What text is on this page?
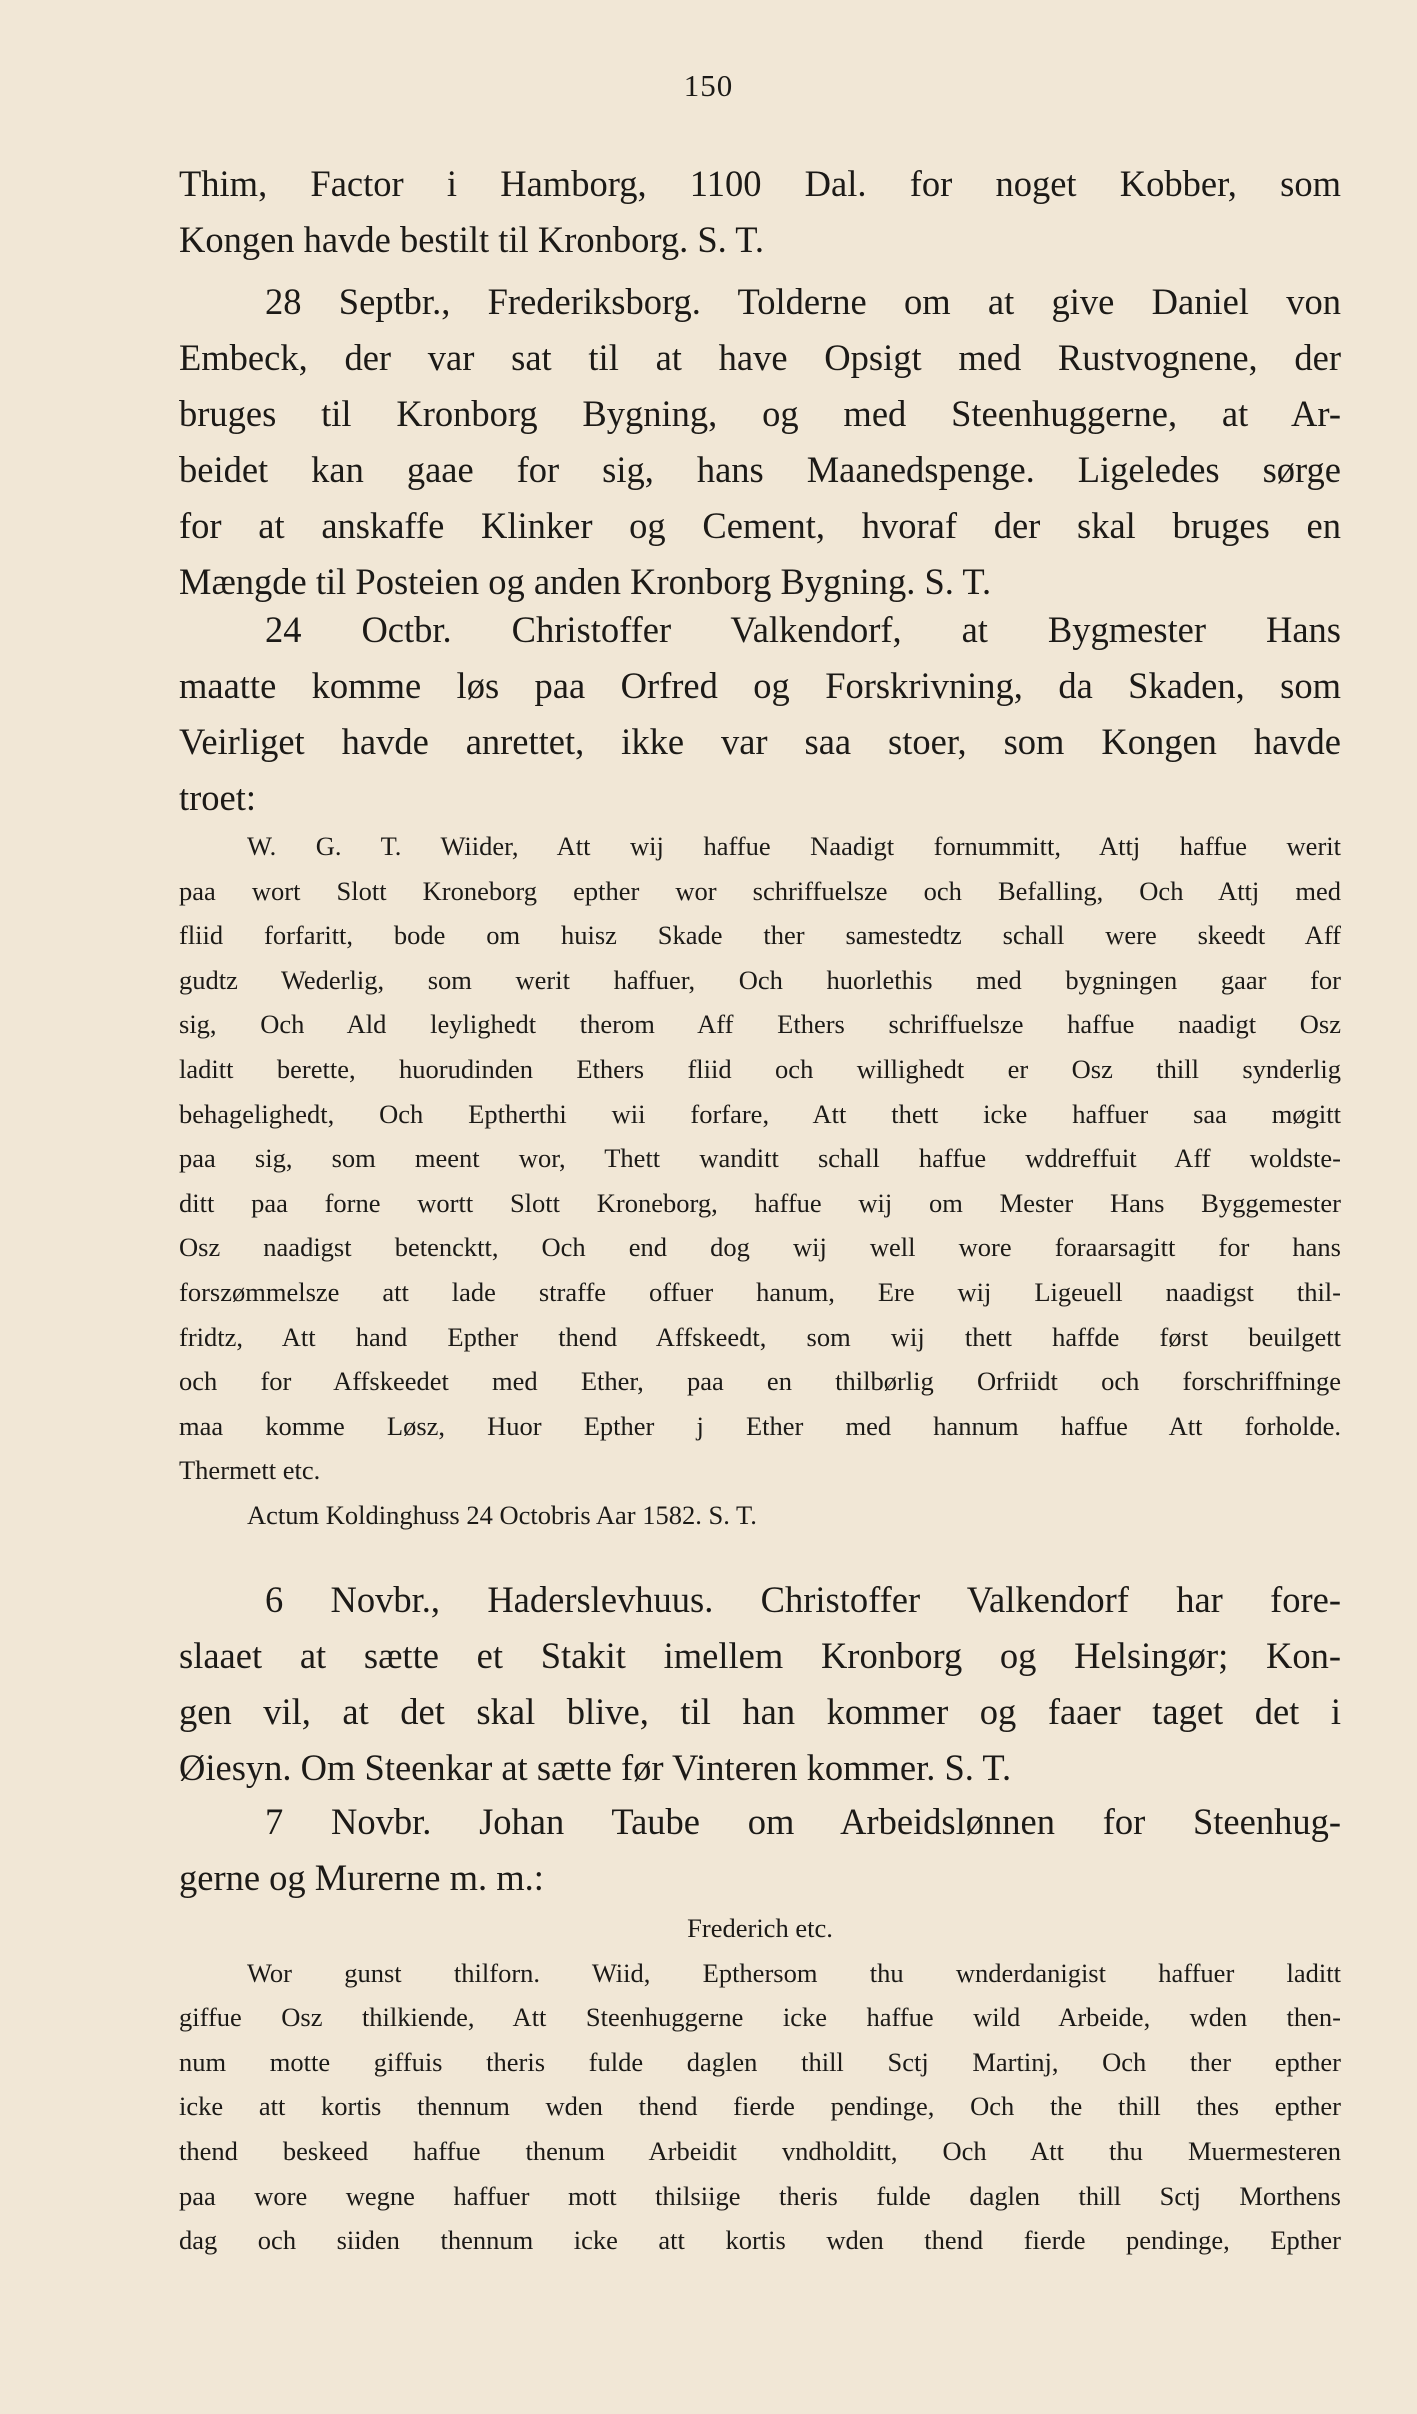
150
Thim, Factor i Hamborg, 1100 Dal. for noget Kobber, som
Kongen havde bestilt til Kronborg. S. T.
28 Septbr., Frederiksborg. Tolderne om at give Daniel von
Embeck, der var sat til at have Opsigt med Rustvognene, der
bruges til Kronborg Bygning, og med Steenhuggerne, at Ar-
beidet kan gaae for sig, hans Maanedspenge. Ligeledes sørge
for at anskaffe Klinker og Cement, hvoraf der skal bruges en
Mængde til Posteien og anden Kronborg Bygning. S. T.
24 Octbr. Christoffer Valkendorf, at Bygmester Hans
maatte komme løs paa Orfred og Forskrivning, da Skaden, som
Veirliget havde anrettet, ikke var saa stoer, som Kongen havde
troet:
W. G. T. Wiider, Att wij haffue Naadigt fornummitt, Attj haffue werit
paa wort Slott Kroneborg epther wor schriffuelsze och Befalling, Och Attj med
fliid forfaritt, bode om huisz Skade ther samestedtz schall were skeedt Aff
gudtz Wederlig, som werit haffuer, Och huorlethis med bygningen gaar for
sig, Och Ald leylighedt therom Aff Ethers schriffuelsze haffue naadigt Osz
laditt berette, huorudinden Ethers fliid och willighedt er Osz thill synderlig
behagelighedt, Och Eptherthi wii forfare, Att thett icke haffuer saa møgitt
paa sig, som meent wor, Thett wanditt schall haffue wddreffuit Aff woldste-
ditt paa forne wortt Slott Kroneborg, haffue wij om Mester Hans Byggemester
Osz naadigst betencktt, Och end dog wij well wore foraarsagitt for hans
forszømmelsze att lade straffe offuer hanum, Ere wij Ligeuell naadigst thil-
fridtz, Att hand Epther thend Affskeedt, som wij thett haffde først beuilgett
och for Affskeedet med Ether, paa en thilbørlig Orfriidt och forschriffninge
maa komme Løsz, Huor Epther j Ether med hannum haffue Att forholde.
Thermett etc.
Actum Koldinghuss 24 Octobris Aar 1582. S. T.
6 Novbr., Haderslevhuus. Christoffer Valkendorf har fore-
slaaet at sætte et Stakit imellem Kronborg og Helsingør; Kon-
gen vil, at det skal blive, til han kommer og faaer taget det i
Øiesyn. Om Steenkar at sætte før Vinteren kommer. S. T.
7 Novbr. Johan Taube om Arbeidslønnen for Steenhug-
gerne og Murerne m. m.:
Frederich etc.
Wor gunst thilforn. Wiid, Epthersom thu wnderdanigist haffuer laditt
giffue Osz thilkiende, Att Steenhuggerne icke haffue wild Arbeide, wden then-
num motte giffuis theris fulde daglen thill Sctj Martinj, Och ther epther
icke att kortis thennum wden thend fierde pendinge, Och the thill thes epther
thend beskeed haffue thenum Arbeidit vndholditt, Och Att thu Muermesteren
paa wore wegne haffuer mott thilsiige theris fulde daglen thill Sctj Morthens
dag och siiden thennum icke att kortis wden thend fierde pendinge, Epther
